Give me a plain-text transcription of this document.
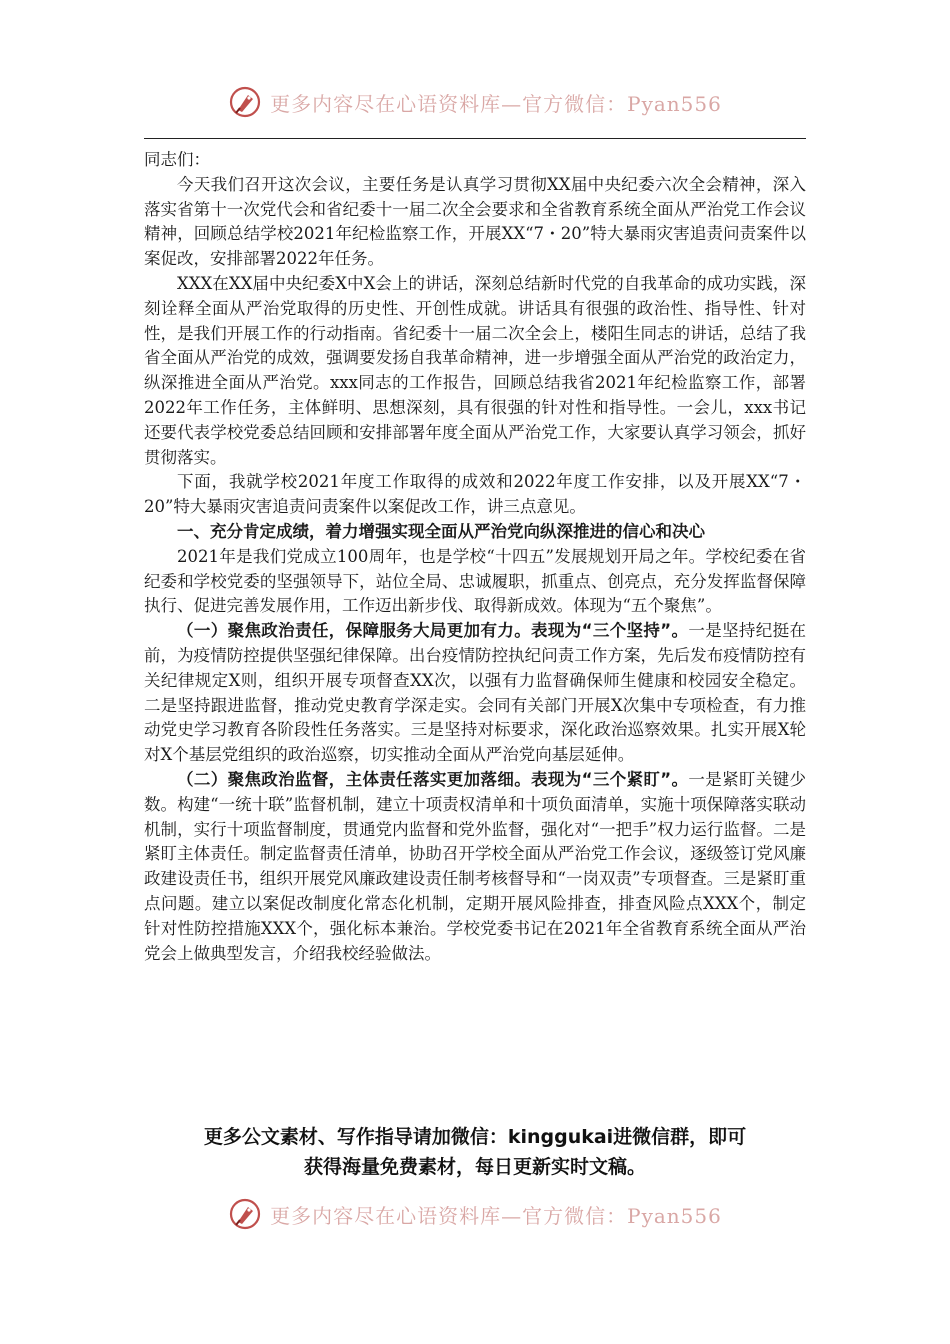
更多内容尽在心语资料库—官方微信：Pyan556

同志们：

今天我们召开这次会议，主要任务是认真学习贯彻XX届中央纪委六次全会精神，深入落实省第十一次党代会和省纪委十一届二次全会要求和全省教育系统全面从严治党工作会议精神，回顾总结学校2021年纪检监察工作，开展XX“7・20”特大暴雨灾害追责问责案件以案促改，安排部署2022年任务。

XXX在XX届中央纪委X中X会上的讲话，深刻总结新时代党的自我革命的成功实践，深刻诠释全面从严治党取得的历史性、开创性成就。讲话具有很强的政治性、指导性、针对性，是我们开展工作的行动指南。省纪委十一届二次全会上，楼阳生同志的讲话，总结了我省全面从严治党的成效，强调要发扬自我革命精神，进一步增强全面从严治党的政治定力，纵深推进全面从严治党。xxx同志的工作报告，回顾总结我省2021年纪检监察工作，部署2022年工作任务，主体鲜明、思想深刻，具有很强的针对性和指导性。一会儿，xxx书记还要代表学校党委总结回顾和安排部署年度全面从严治党工作，大家要认真学习领会，抓好贯彻落实。

下面，我就学校2021年度工作取得的成效和2022年度工作安排，以及开展XX“7・20”特大暴雨灾害追责问责案件以案促改工作，讲三点意见。

一、充分肯定成绩，着力增强实现全面从严治党向纵深推进的信心和决心

2021年是我们党成立100周年，也是学校“十四五”发展规划开局之年。学校纪委在省纪委和学校党委的坚强领导下，站位全局、忠诚履职，抓重点、创亮点，充分发挥监督保障执行、促进完善发展作用，工作迈出新步伐、取得新成效。体现为“五个聚焦”。

（一）聚焦政治责任，保障服务大局更加有力。表现为“三个坚持”。一是坚持纪挺在前，为疫情防控提供坚强纪律保障。出台疫情防控执纪问责工作方案，先后发布疫情防控有关纪律规定X则，组织开展专项督查XX次，以强有力监督确保师生健康和校园安全稳定。二是坚持跟进监督，推动党史教育学深走实。会同有关部门开展X次集中专项检查，有力推动党史学习教育各阶段性任务落实。三是坚持对标要求，深化政治巡察效果。扎实开展X轮对X个基层党组织的政治巡察，切实推动全面从严治党向基层延伸。

（二）聚焦政治监督，主体责任落实更加落细。表现为“三个紧盯”。一是紧盯关键少数。构建“一统十联”监督机制，建立十项责权清单和十项负面清单，实施十项保障落实联动机制，实行十项监督制度，贯通党内监督和党外监督，强化对“一把手”权力运行监督。二是紧盯主体责任。制定监督责任清单，协助召开学校全面从严治党工作会议，逐级签订党风廉政建设责任书，组织开展党风廉政建设责任制考核督导和“一岗双责”专项督查。三是紧盯重点问题。建立以案促改制度化常态化机制，定期开展风险排查，排查风险点XXX个，制定针对性防控措施XXX个，强化标本兼治。学校党委书记在2021年全省教育系统全面从严治党会上做典型发言，介绍我校经验做法。

更多公文素材、写作指导请加微信：kinggukai进微信群，即可
获得海量免费素材，每日更新实时文稿。
更多内容尽在心语资料库—官方微信：Pyan556
